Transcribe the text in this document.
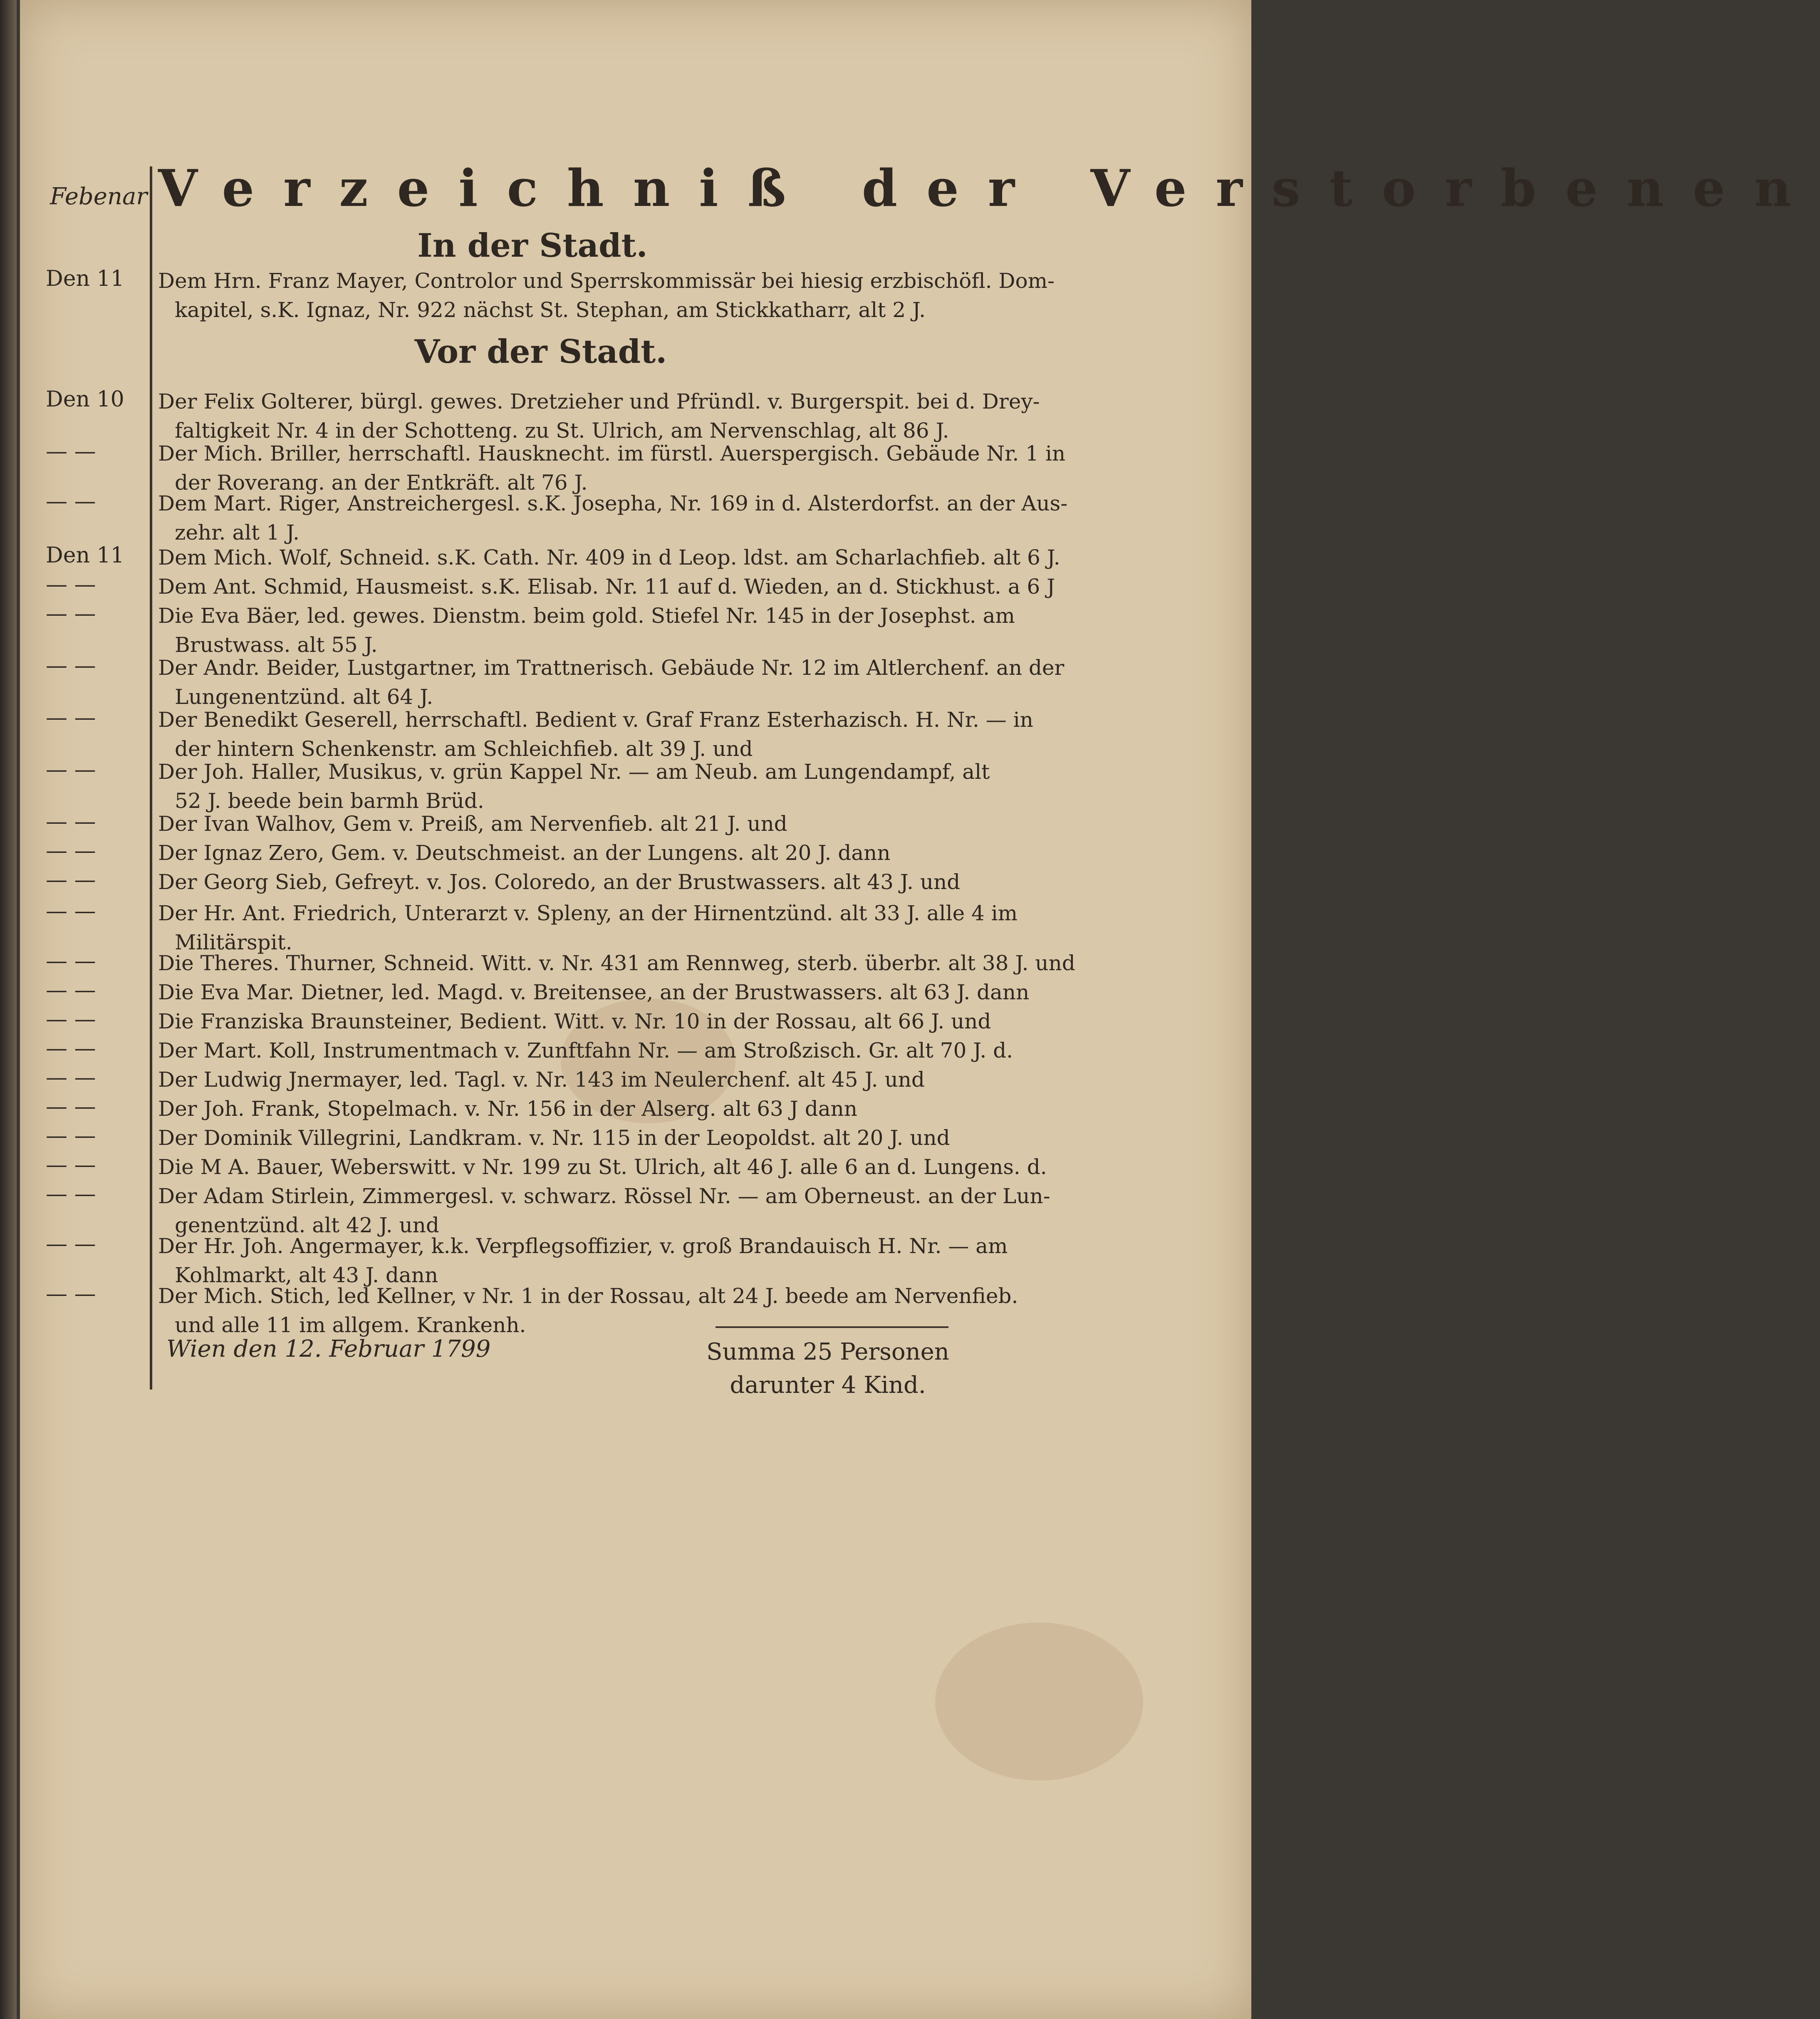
Febenar Verzeichniß der Verstorbenen
In der Stadt.
Vor der Stadt.
Den 11	Dem Hrn. Franz Mayer, Controlor und Sperrskommissär bei hiesig erzbischöfl. Dom-
kapitel, s.K. Ignaz, Nr. 922 nächst St. Stephan, am Stickkatharr, alt 2 J.
Den 10	Der Felix Golterer, bürgl. gewes. Dretzieher und Pfründl. v. Burgerspit. bei d. Drey-
faltigkeit Nr. 4 in der Schotteng. zu St. Ulrich, am Nervenschlag, alt 86 J.
— —	Der Mich. Briller, herrschaftl. Hausknecht. im fürstl. Auerspergisch. Gebäude Nr. 1 in
der Roverang. an der Entkräft. alt 76 J.
— —	Dem Mart. Riger, Anstreichergesl. s.K. Josepha, Nr. 169 in d. Alsterdorfst. an der Aus-
zehr. alt 1 J.
Den 11	Dem Mich. Wolf, Schneid. s.K. Cath. Nr. 409 in d Leop. ldst. am Scharlachfieb. alt 6 J.
— —	Dem Ant. Schmid, Hausmeist. s.K. Elisab. Nr. 11 auf d. Wieden, an d. Stickhust. a 6 J
— —	Die Eva Bäer, led. gewes. Dienstm. beim gold. Stiefel Nr. 145 in der Josephst. am
Brustwass. alt 55 J.
— —	Der Andr. Beider, Lustgartner, im Trattnerisch. Gebäude Nr. 12 im Altlerchenf. an der
Lungenentzünd. alt 64 J.
— —	Der Benedikt Geserell, herrschaftl. Bedient v. Graf Franz Esterhazisch. H. Nr. — in
der hintern Schenkenstr. am Schleichfieb. alt 39 J. und
— —	Der Joh. Haller, Musikus, v. grün Kappel Nr. — am Neub. am Lungendampf, alt
52 J. beede bein barmh Brüd.
— —	Der Ivan Walhov, Gem v. Preiß, am Nervenfieb. alt 21 J. und
— —	Der Ignaz Zero, Gem. v. Deutschmeist. an der Lungens. alt 20 J. dann
— —	Der Georg Sieb, Gefreyt. v. Jos. Coloredo, an der Brustwassers. alt 43 J. und
— —	Der Hr. Ant. Friedrich, Unterarzt v. Spleny, an der Hirnentzünd. alt 33 J. alle 4 im
Militärspit.
— —	Die Theres. Thurner, Schneid. Witt. v. Nr. 431 am Rennweg, sterb. überbr. alt 38 J. und
— —	Die Eva Mar. Dietner, led. Magd. v. Breitensee, an der Brustwassers. alt 63 J. dann
— —	Die Franziska Braunsteiner, Bedient. Witt. v. Nr. 10 in der Rossau, alt 66 J. und
— —	Der Mart. Koll, Instrumentmach v. Zunftfahn Nr. — am Stroßzisch. Gr. alt 70 J. d.
— —	Der Ludwig Jnermayer, led. Tagl. v. Nr. 143 im Neulerchenf. alt 45 J. und
— —	Der Joh. Frank, Stopelmach. v. Nr. 156 in der Alserg. alt 63 J dann
— —	Der Dominik Villegrini, Landkram. v. Nr. 115 in der Leopoldst. alt 20 J. und
— —	Die M A. Bauer, Weberswitt. v Nr. 199 zu St. Ulrich, alt 46 J. alle 6 an d. Lungens. d.
— —	Der Adam Stirlein, Zimmergesl. v. schwarz. Rössel Nr. — am Oberneust. an der Lun-
genentzünd. alt 42 J. und
— —	Der Hr. Joh. Angermayer, k.k. Verpflegsoffizier, v. groß Brandauisch H. Nr. — am
Kohlmarkt, alt 43 J. dann
— —	Der Mich. Stich, led Kellner, v Nr. 1 in der Rossau, alt 24 J. beede am Nervenfieb.
und alle 11 im allgem. Krankenh.
Wien den 12. Februar 1799	Summa 25 Personen
darunter 4 Kind.
